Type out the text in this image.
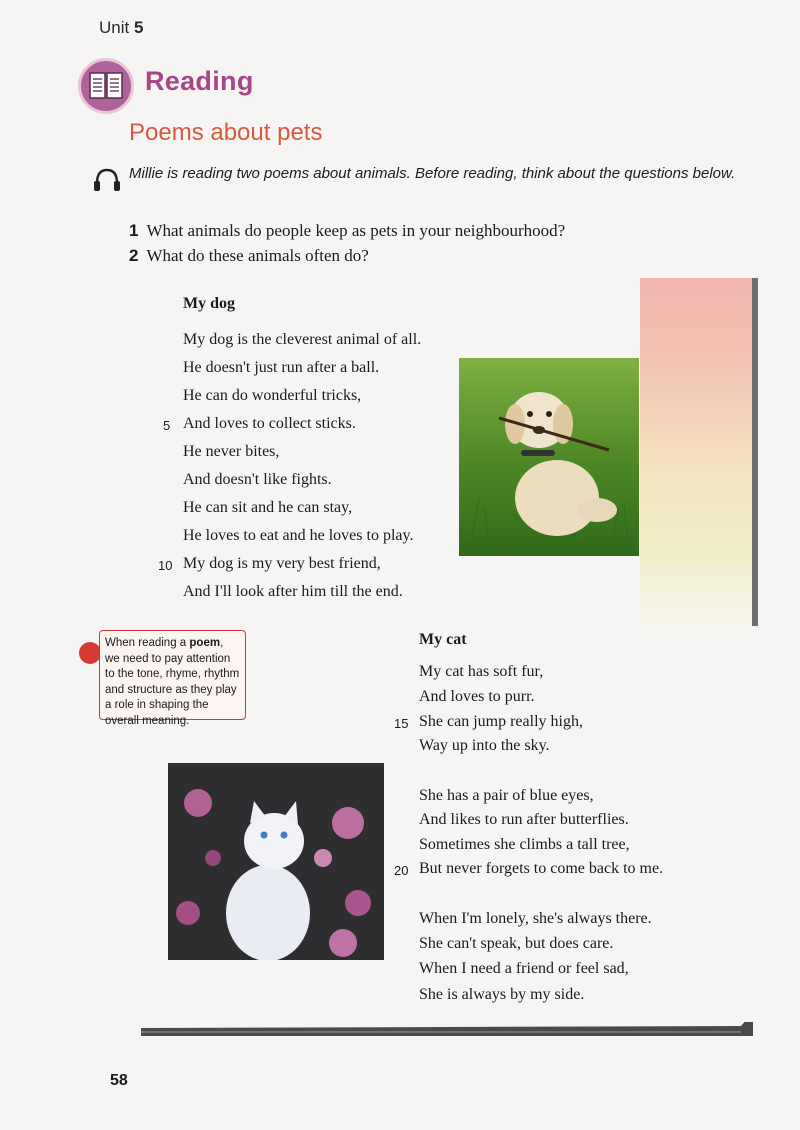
Unit 5
Reading
Poems about pets
Millie is reading two poems about animals. Before reading, think about the questions below.
1 What animals do people keep as pets in your neighbourhood?
2 What do these animals often do?
My dog
My dog is the cleverest animal of all.
He doesn't just run after a ball.
He can do wonderful tricks,
5 And loves to collect sticks.
He never bites,
And doesn't like fights.
He can sit and he can stay,
He loves to eat and he loves to play.
10 My dog is my very best friend,
And I'll look after him till the end.
When reading a poem, we need to pay attention to the tone, rhyme, rhythm and structure as they play a role in shaping the overall meaning.
My cat
My cat has soft fur,
And loves to purr.
15 She can jump really high,
Way up into the sky.
She has a pair of blue eyes,
And likes to run after butterflies.
Sometimes she climbs a tall tree,
20 But never forgets to come back to me.
When I'm lonely, she's always there.
She can't speak, but does care.
When I need a friend or feel sad,
She is always by my side.
58
